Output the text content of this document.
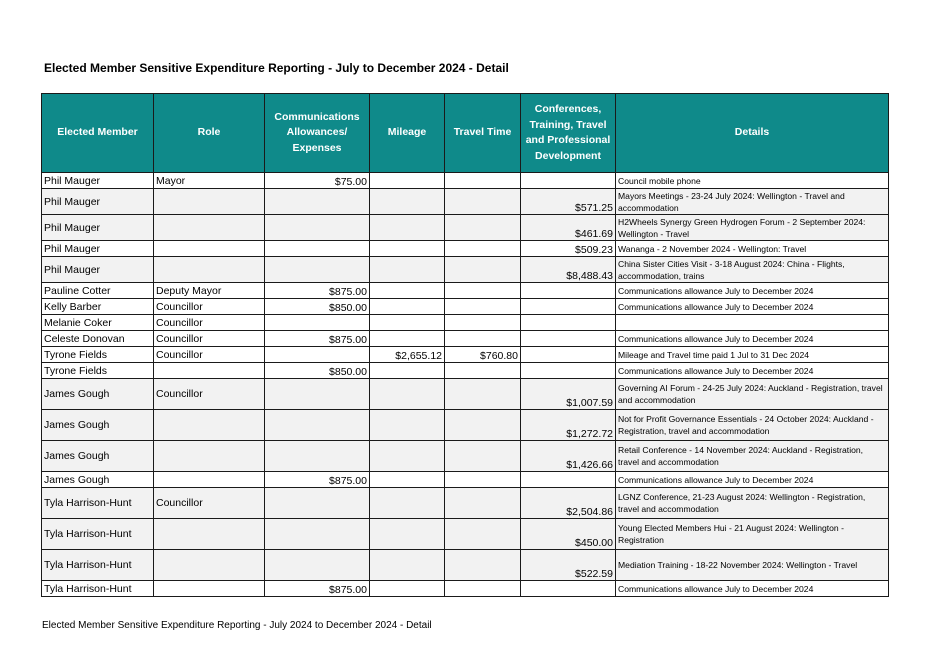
Elected Member Sensitive Expenditure Reporting - July to December 2024 - Detail
Elected Member	Role	Communications Allowances/ Expenses	Mileage	Travel Time	Conferences, Training, Travel and Professional Development	Details
Phil Mauger	Mayor	$75.00				Council mobile phone
Phil Mauger					$571.25	Mayors Meetings - 23-24 July 2024: Wellington - Travel and accommodation
Phil Mauger					$461.69	H2Wheels Synergy Green Hydrogen Forum - 2 September 2024: Wellington - Travel
Phil Mauger					$509.23	Wananga - 2 November 2024 - Wellington: Travel
Phil Mauger					$8,488.43	China Sister Cities Visit - 3-18 August 2024: China - Flights, accommodation, trains
Pauline Cotter	Deputy Mayor	$875.00				Communications allowance July to December 2024
Kelly Barber	Councillor	$850.00				Communications allowance July to December 2024
Melanie Coker	Councillor					
Celeste Donovan	Councillor	$875.00				Communications allowance July to December 2024
Tyrone Fields	Councillor		$2,655.12	$760.80		Mileage and Travel time paid 1 Jul to 31 Dec 2024
Tyrone Fields		$850.00				Communications allowance July to December 2024
James Gough	Councillor				$1,007.59	Governing AI Forum - 24-25 July 2024: Auckland - Registration, travel and accommodation
James Gough					$1,272.72	Not for Profit Governance Essentials - 24 October 2024: Auckland - Registration, travel and accommodation
James Gough					$1,426.66	Retail Conference - 14 November 2024: Auckland - Registration, travel and accommodation
James Gough		$875.00				Communications allowance July to December 2024
Tyla Harrison-Hunt	Councillor				$2,504.86	LGNZ Conference, 21-23 August 2024: Wellington - Registration, travel and accommodation
Tyla Harrison-Hunt					$450.00	Young Elected Members Hui - 21 August 2024: Wellington - Registration
Tyla Harrison-Hunt					$522.59	Mediation Training - 18-22 November 2024: Wellington - Travel
Tyla Harrison-Hunt		$875.00				Communications allowance July to December 2024
Elected Member Sensitive Expenditure Reporting - July 2024 to December 2024 - Detail
